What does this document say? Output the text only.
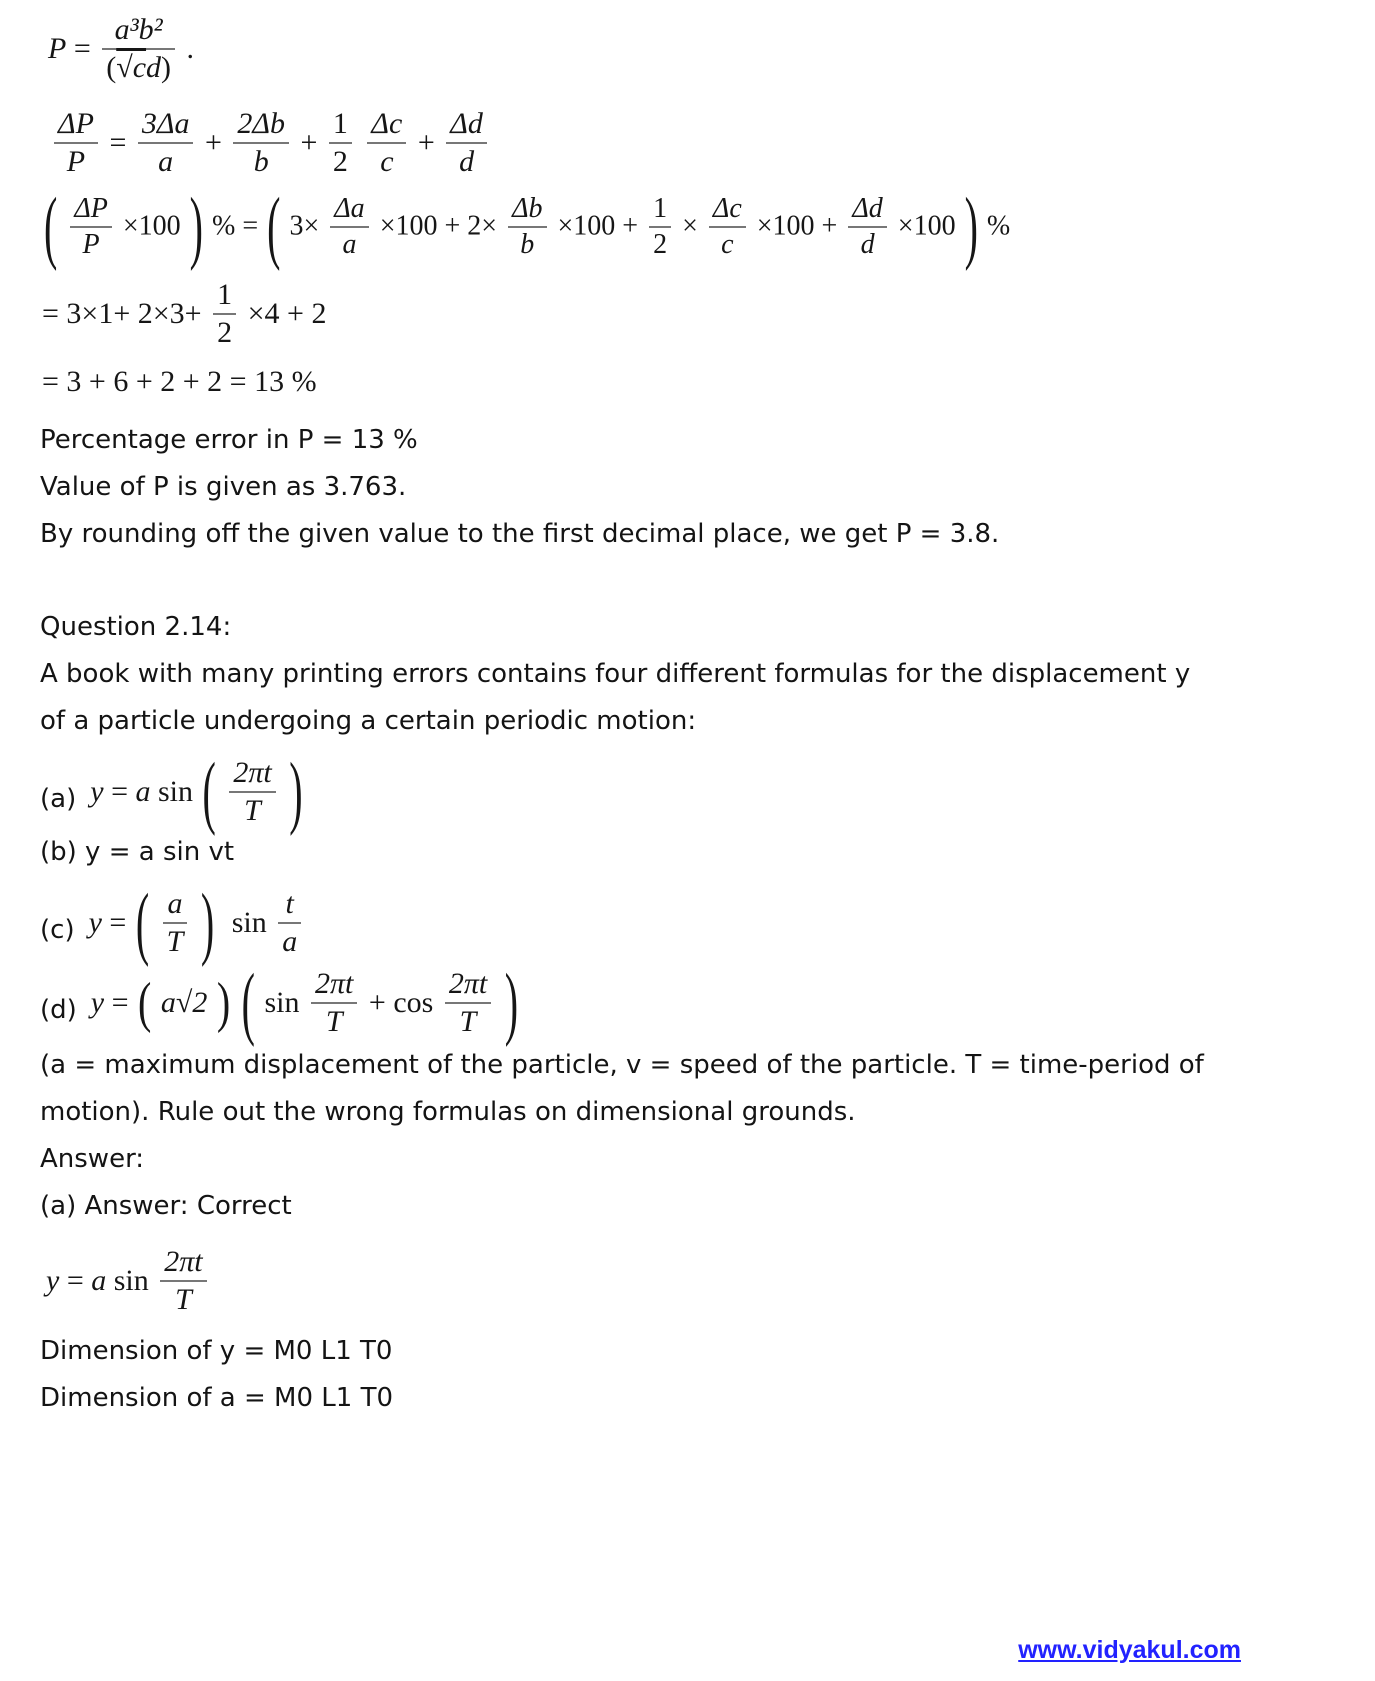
$P = \frac{\text{a³b²}}{(√cd)}$ .
$\frac{\Delta P}{P} = \frac{3\Delta a}{a} + \frac{2\Delta b}{b} + \frac{1}{2}$
$\frac{\Delta c}{c} + \frac{\Delta d}{d}$
( $\frac{\Delta P}{P} \times 100$ ) % = ( $3\times \frac{\Delta a}{a} \times 100 + 2\times \frac{\Delta b}{b} \times 100 + \frac{1}{2} \times \frac{\Delta c}{c} \times 100 + \frac{\Delta d}{d} \times 100$ ) %
= $3\times 1+ 2\times 3+ \frac{1}{2} \times 4 + 2$
= 3 + 6 + 2 + 2 = 13 %
Percentage error in P = 13 %
Value of P is given as 3.763.
By rounding off the given value to the first decimal place, we get P = 3.8.
Question 2.14:
A book with many printing errors contains four different formulas for the displacement y
of a particle undergoing a certain periodic motion:
(a) y = a sin ( $\frac{2\pi t}{T}$ )
(b) y = a sin vt
(c) y = ( $\frac{a}{T}$ ) $\sin \frac{t}{a}$
(d) y = ( a√2 ) ( $\sin \frac{2\pi t}{T} + \cos \frac{2\pi t}{T}$ )
(a = maximum displacement of the particle, v = speed of the particle. T = time-period of
motion). Rule out the wrong formulas on dimensional grounds.
Answer:
(a) Answer: Correct
y = a $\sin \frac{2\pi t}{T}$
Dimension of y = M0 L1 T0
Dimension of a = M0 L1 T0
www.vidyakul.com
